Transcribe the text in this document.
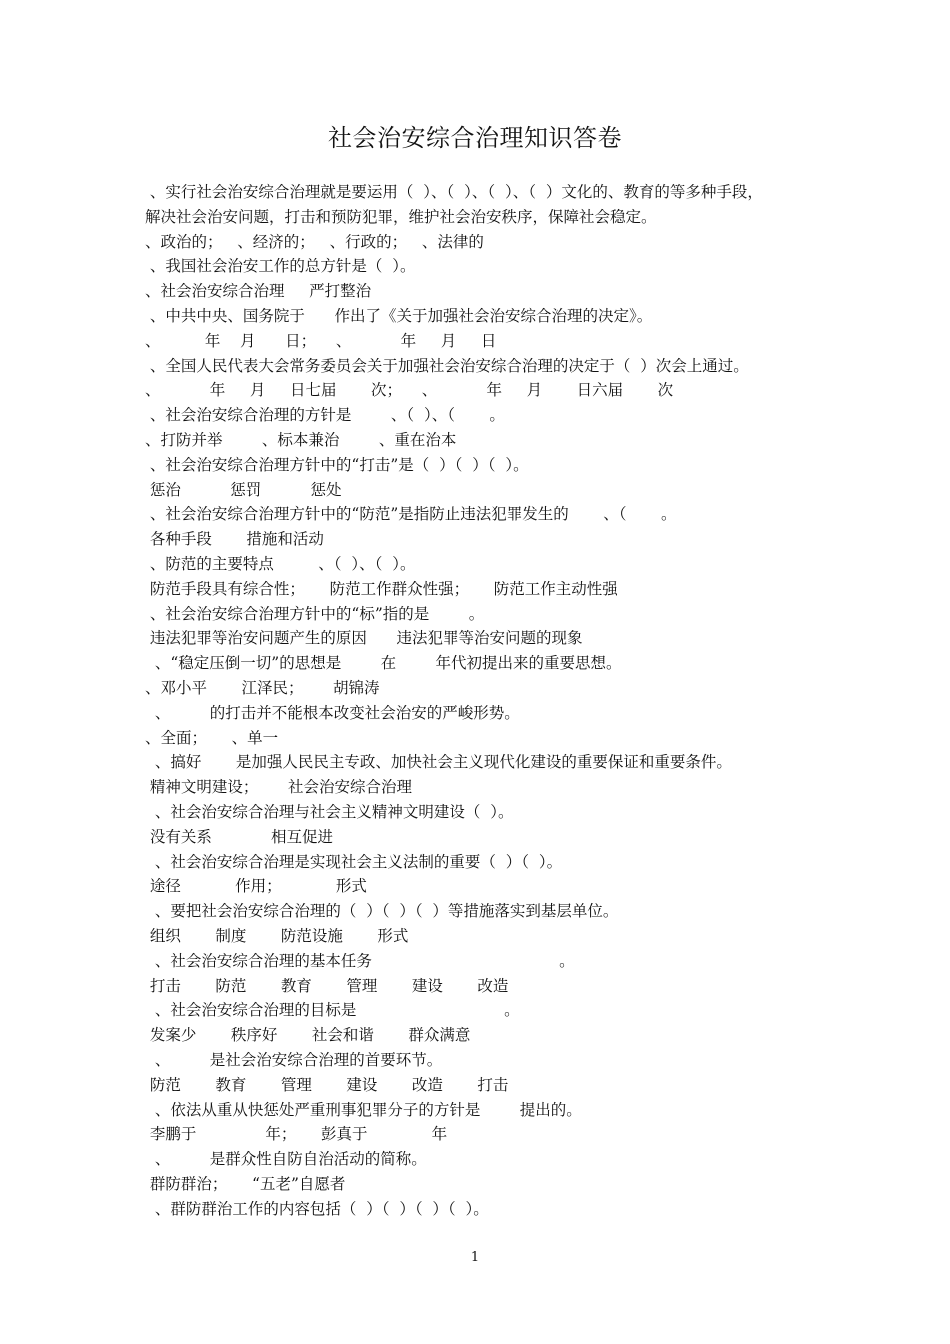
社会治安综合治理知识答卷
、实行社会治安综合治理就是要运用（  ）、（  ）、（  ）、（  ）文化的、教育的等多种手段，
解决社会治安问题，打击和预防犯罪，维护社会治安秩序，保障社会稳定。
、政治的；   、经济的；   、行政的；   、法律的
、我国社会治安工作的总方针是（  ）。
、社会治安综合治理     严打整治
、中共中央、国务院于      作出了《关于加强社会治安综合治理的决定》。
、         年    月      日；    、          年     月     日
、全国人民代表大会常务委员会关于加强社会治安综合治理的决定于（  ）次会上通过。
、          年     月     日七届       次；    、          年     月       日六届       次
、社会治安综合治理的方针是        、（  ）、（       。
、打防并举        、标本兼治        、重在治本
、社会治安综合治理方针中的“打击”是（  ）（  ）（  ）。
惩治          惩罚          惩处
、社会治安综合治理方针中的“防范”是指防止违法犯罪发生的       、（       。
各种手段       措施和活动
、防范的主要特点         、（  ）、（  ）。
防范手段具有综合性；     防范工作群众性强；     防范工作主动性强
、社会治安综合治理方针中的“标”指的是        。
违法犯罪等治安问题产生的原因      违法犯罪等治安问题的现象
、“稳定压倒一切”的思想是        在        年代初提出来的重要思想。
、邓小平       江泽民；      胡锦涛
、        的打击并不能根本改变社会治安的严峻形势。
、全面；     、单一
、搞好       是加强人民民主专政、加快社会主义现代化建设的重要保证和重要条件。
精神文明建设；      社会治安综合治理
、社会治安综合治理与社会主义精神文明建设（  ）。
没有关系            相互促进
、社会治安综合治理是实现社会主义法制的重要（  ）（  ）。
途径           作用；           形式
、要把社会治安综合治理的（  ）（  ）（  ）等措施落实到基层单位。
组织       制度       防范设施       形式
、社会治安综合治理的基本任务                                      。
打击       防范       教育       管理       建设       改造
、社会治安综合治理的目标是                              。
发案少       秩序好       社会和谐       群众满意
、        是社会治安综合治理的首要环节。
防范       教育       管理       建设       改造       打击
、依法从重从快惩处严重刑事犯罪分子的方针是        提出的。
李鹏于              年；     彭真于             年
、        是群众性自防自治活动的简称。
群防群治；     “五老”自愿者
、群防群治工作的内容包括（  ）（  ）（  ）（  ）。
1
